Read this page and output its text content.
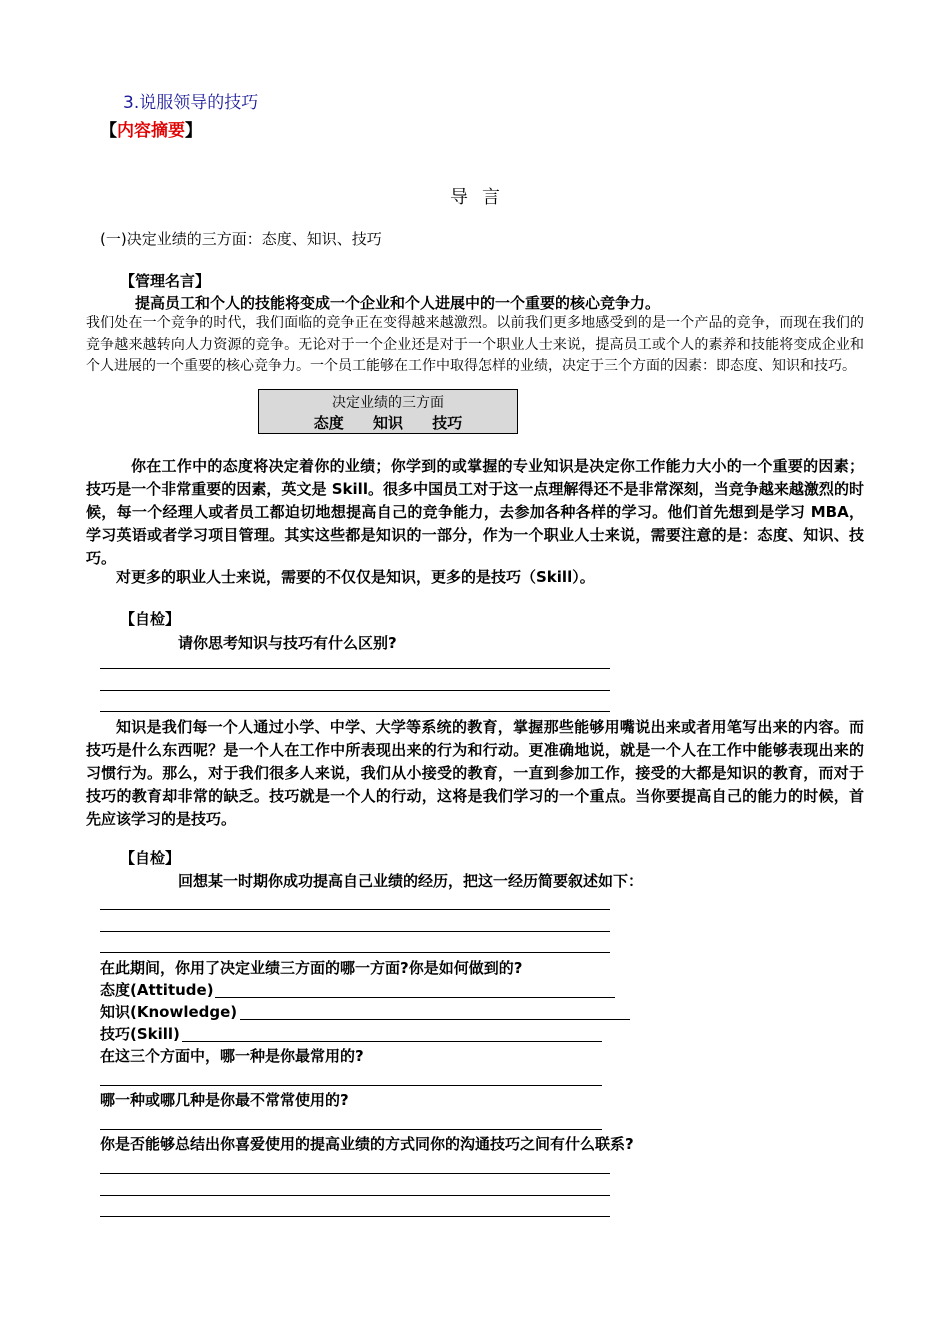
3.说服领导的技巧
【内容摘要】
导言
(一)决定业绩的三方面：态度、知识、技巧
【管理名言】
提高员工和个人的技能将变成一个企业和个人进展中的一个重要的核心竞争力。
我们处在一个竞争的时代，我们面临的竞争正在变得越来越激烈。以前我们更多地感受到的是一个产品的竞争，而现在我们的竞争越来越转向人力资源的竞争。无论对于一个企业还是对于一个职业人士来说，提高员工或个人的素养和技能将变成企业和个人进展的一个重要的核心竞争力。一个员工能够在工作中取得怎样的业绩，决定于三个方面的因素：即态度、知识和技巧。
决定业绩的三方面
态度 知识 技巧
你在工作中的态度将决定着你的业绩；你学到的或掌握的专业知识是决定你工作能力大小的一个重要的因素；技巧是一个非常重要的因素，英文是 Skill。很多中国员工对于这一点理解得还不是非常深刻，当竞争越来越激烈的时候，每一个经理人或者员工都迫切地想提高自己的竞争能力，去参加各种各样的学习。他们首先想到是学习 MBA，学习英语或者学习项目管理。其实这些都是知识的一部分，作为一个职业人士来说，需要注意的是：态度、知识、技巧。
对更多的职业人士来说，需要的不仅仅是知识，更多的是技巧（Skill）。
【自检】
请你思考知识与技巧有什么区别?
知识是我们每一个人通过小学、中学、大学等系统的教育，掌握那些能够用嘴说出来或者用笔写出来的内容。而技巧是什么东西呢？是一个人在工作中所表现出来的行为和行动。更准确地说，就是一个人在工作中能够表现出来的习惯行为。那么，对于我们很多人来说，我们从小接受的教育，一直到参加工作，接受的大都是知识的教育，而对于技巧的教育却非常的缺乏。技巧就是一个人的行动，这将是我们学习的一个重点。当你要提高自己的能力的时候，首先应该学习的是技巧。
【自检】
回想某一时期你成功提高自己业绩的经历，把这一经历简要叙述如下：
在此期间，你用了决定业绩三方面的哪一方面?你是如何做到的?
态度(Attitude)
知识(Knowledge)
技巧(Skill)
在这三个方面中，哪一种是你最常用的?
哪一种或哪几种是你最不常常使用的?
你是否能够总结出你喜爱使用的提高业绩的方式同你的沟通技巧之间有什么联系?
